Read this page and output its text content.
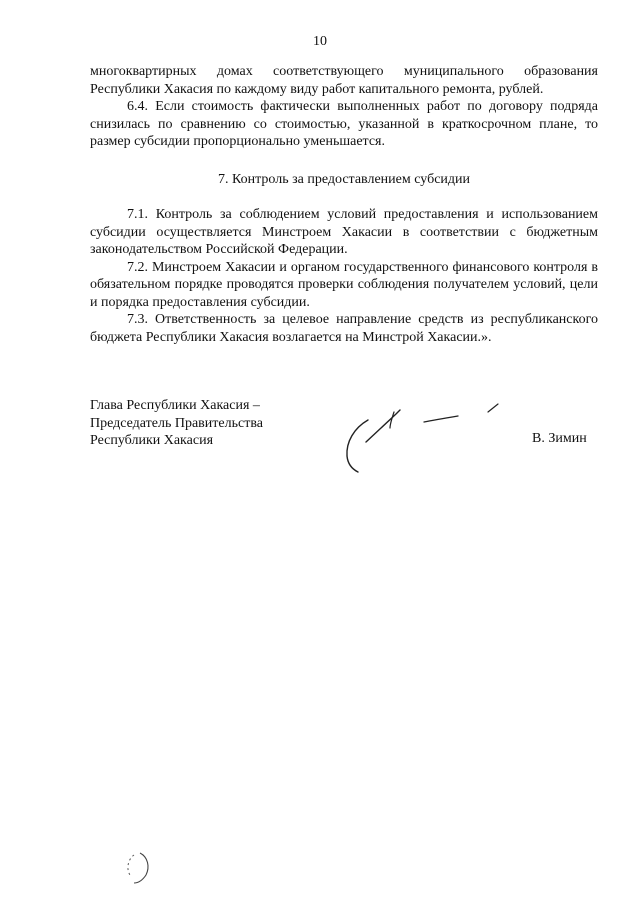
10

многоквартирных домах соответствующего муниципального образования Республики Хакасия по каждому виду работ капитального ремонта, рублей.

6.4. Если стоимость фактически выполненных работ по договору подряда снизилась по сравнению со стоимостью, указанной в краткосрочном плане, то размер субсидии пропорционально уменьшается.

7. Контроль за предоставлением субсидии

7.1. Контроль за соблюдением условий предоставления и использованием субсидии осуществляется Минстроем Хакасии в соответствии с бюджетным законодательством Российской Федерации.

7.2. Минстроем Хакасии и органом государственного финансового контроля в обязательном порядке проводятся проверки соблюдения получателем условий, цели и порядка предоставления субсидии.

7.3. Ответственность за целевое направление средств из республиканского бюджета Республики Хакасия возлагается на Минстрой Хакасии.».

Глава Республики Хакасия –
Председатель Правительства
Республики Хакасия	В. Зимин
